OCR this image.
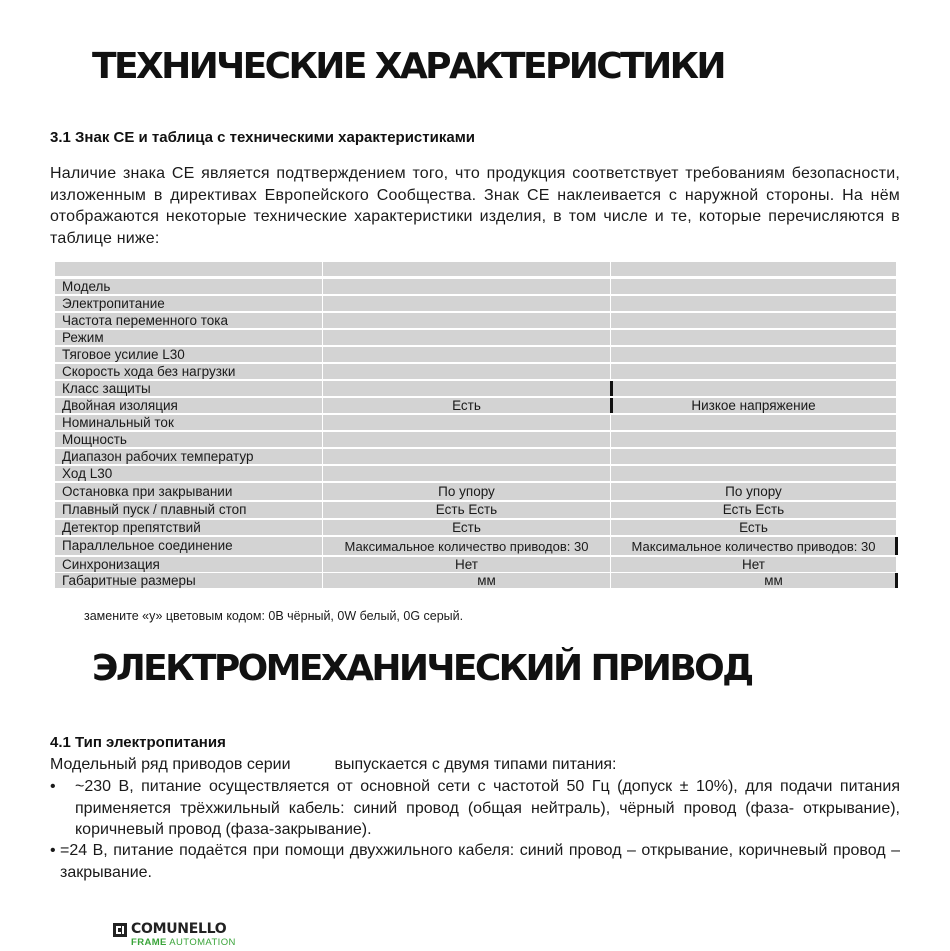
ТЕХНИЧЕСКИЕ ХАРАКТЕРИСТИКИ
3.1 Знак СЕ и таблица с техническими характеристиками

Наличие знака СЕ является подтверждением того, что продукция соответствует требованиям безопасности, изложенным в директивах Европейского Сообщества. Знак СЕ наклеивается с наружной стороны. На нём отображаются некоторые технические характеристики изделия, в том числе и те, которые перечисляются в таблице ниже:

Модель
Электропитание
Частота переменного тока
Режим
Тяговое усилие L30
Скорость хода без нагрузки
Класс защиты
Двойная изоляция	Есть	Низкое напряжение
Номинальный ток
Мощность
Диапазон рабочих температур
Ход L30
Остановка при закрывании	По упору	По упору
Плавный пуск / плавный стоп	Есть Есть	Есть Есть
Детектор препятствий	Есть	Есть
Параллельное соединение	Максимальное количество приводов: 30	Максимальное количество приводов: 30
Синхронизация	Нет	Нет
Габаритные размеры	мм	мм

замените «у» цветовым кодом: 0B чёрный, 0W белый, 0G серый.

ЭЛЕКТРОМЕХАНИЧЕСКИЙ ПРИВОД
4.1 Тип электропитания

Модельный ряд приводов серии	выпускается с двумя типами питания:

•	~230 В, питание осуществляется от основной сети с частотой 50 Гц (допуск ± 10%), для подачи питания применяется трёхжильный кабель: синий провод (общая нейтраль), чёрный провод (фаза- открывание), коричневый провод (фаза-закрывание).

• =24 В, питание подаётся при помощи двухжильного кабеля: синий провод – открывание, коричневый провод – закрывание.

COMUNELLO
FRAME AUTOMATION
